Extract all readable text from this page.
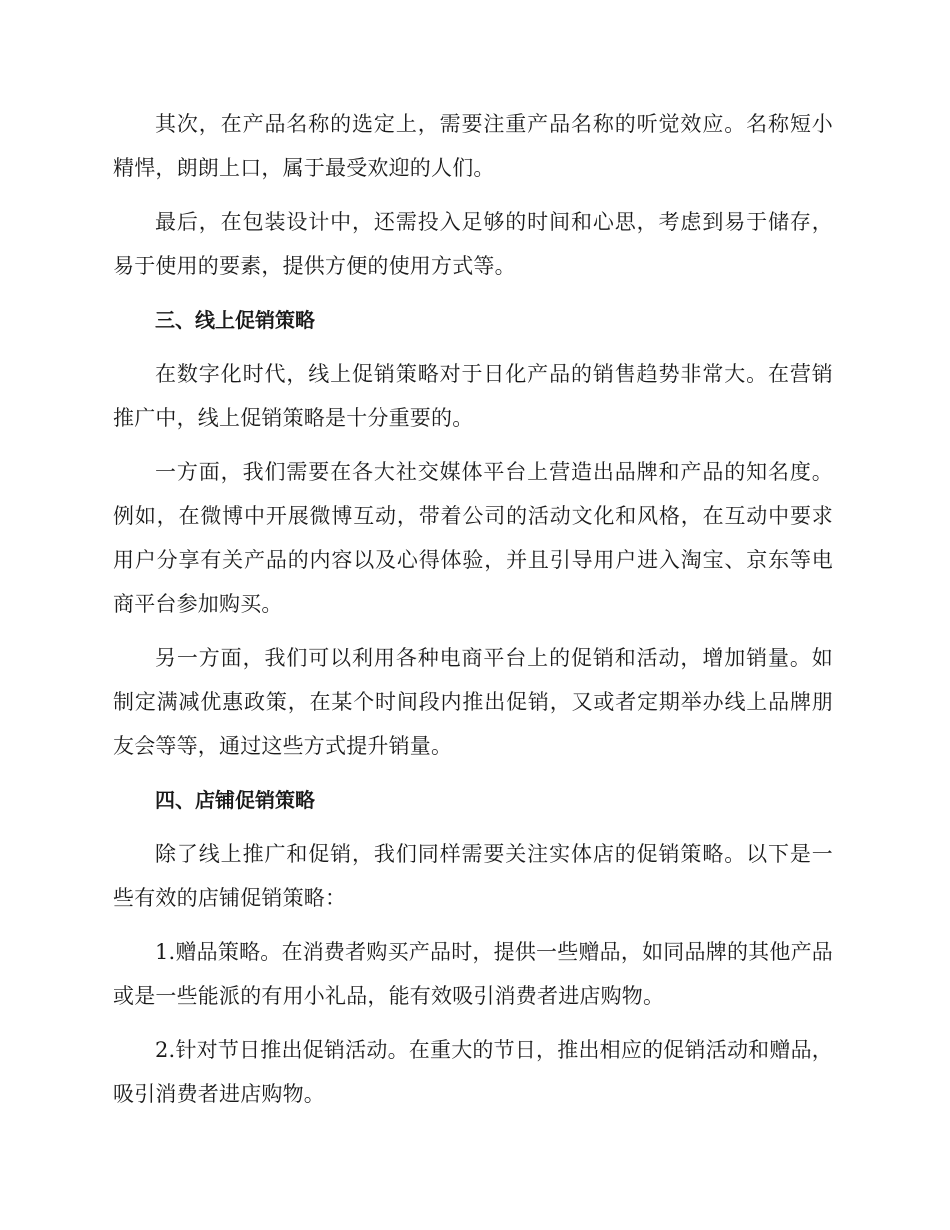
其次，在产品名称的选定上，需要注重产品名称的听觉效应。名称短小精悍，朗朗上口，属于最受欢迎的人们。

最后，在包装设计中，还需投入足够的时间和心思，考虑到易于储存，易于使用的要素，提供方便的使用方式等。

三、线上促销策略

在数字化时代，线上促销策略对于日化产品的销售趋势非常大。在营销推广中，线上促销策略是十分重要的。

一方面，我们需要在各大社交媒体平台上营造出品牌和产品的知名度。例如，在微博中开展微博互动，带着公司的活动文化和风格，在互动中要求用户分享有关产品的内容以及心得体验，并且引导用户进入淘宝、京东等电商平台参加购买。

另一方面，我们可以利用各种电商平台上的促销和活动，增加销量。如制定满减优惠政策，在某个时间段内推出促销，又或者定期举办线上品牌朋友会等等，通过这些方式提升销量。

四、店铺促销策略

除了线上推广和促销，我们同样需要关注实体店的促销策略。以下是一些有效的店铺促销策略：

1.赠品策略。在消费者购买产品时，提供一些赠品，如同品牌的其他产品或是一些能派的有用小礼品，能有效吸引消费者进店购物。

2.针对节日推出促销活动。在重大的节日，推出相应的促销活动和赠品，吸引消费者进店购物。
